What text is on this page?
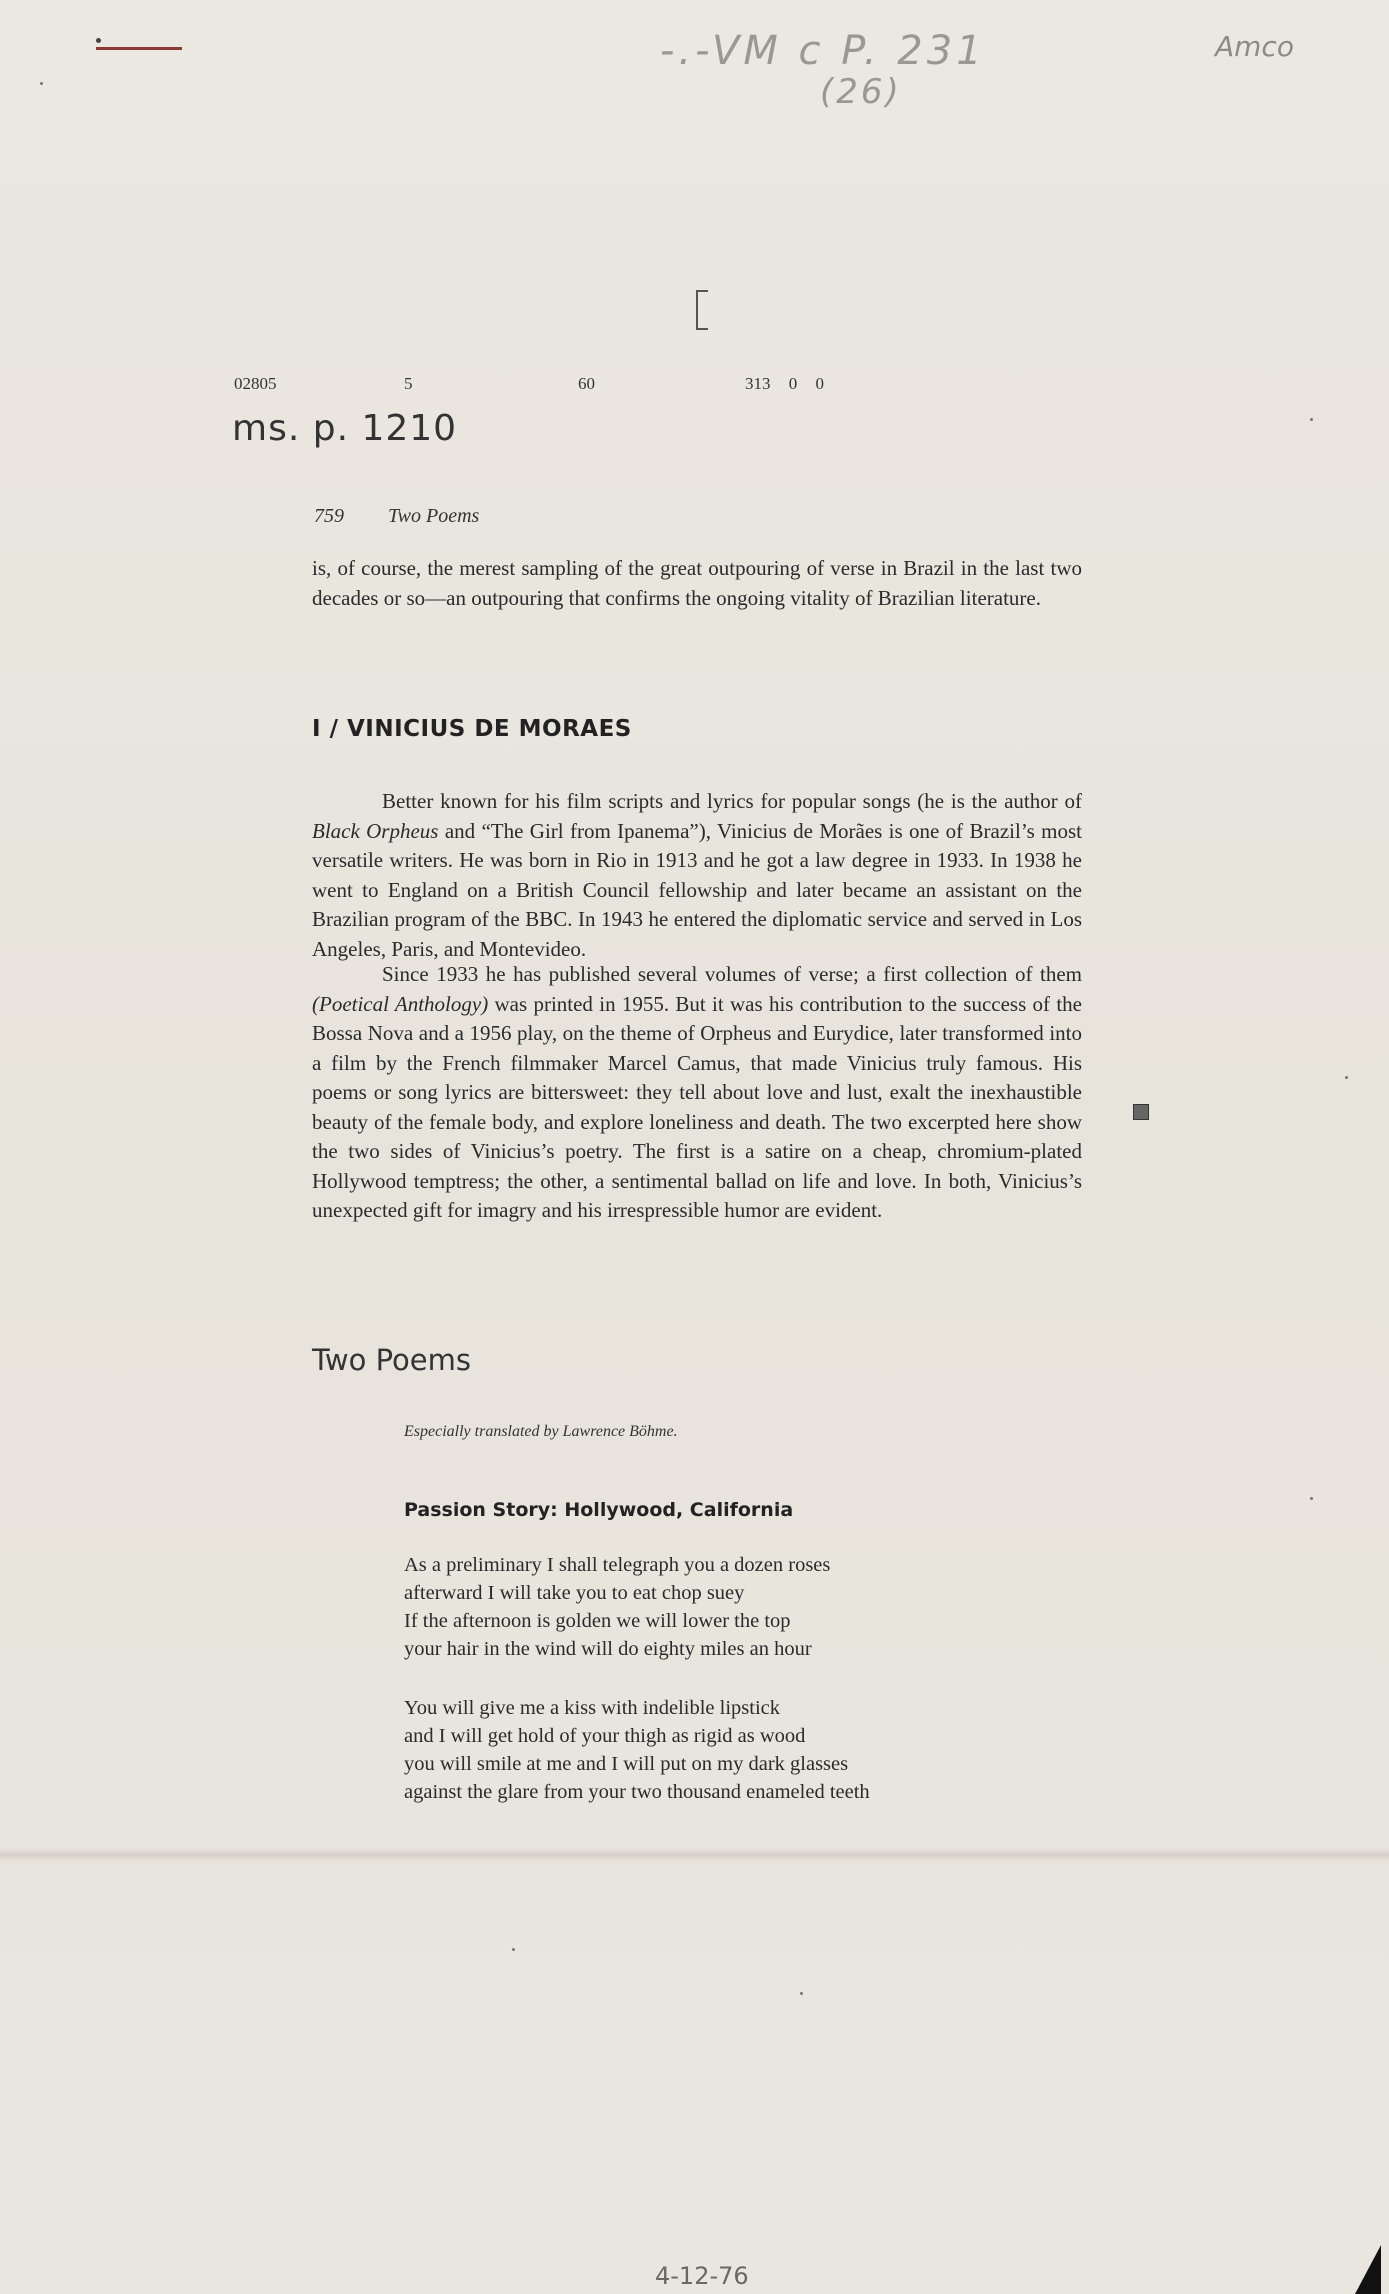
-.-VM c P. 231
(26)
Amco
02805	5	60	313 0 0
ms. p. 1210
759 Two Poems
is, of course, the merest sampling of the great outpouring of verse in Brazil in the last two decades or so—an outpouring that confirms the ongoing vitality of Brazilian literature.
I / VINICIUS DE MORAES
Better known for his film scripts and lyrics for popular songs (he is the author of Black Orpheus and “The Girl from Ipanema”), Vinicius de Morães is one of Brazil’s most versatile writers. He was born in Rio in 1913 and he got a law degree in 1933. In 1938 he went to England on a British Council fellowship and later became an assistant on the Brazilian program of the BBC. In 1943 he entered the diplomatic service and served in Los Angeles, Paris, and Montevideo.
Since 1933 he has published several volumes of verse; a first collection of them (Poetical Anthology) was printed in 1955. But it was his contribution to the success of the Bossa Nova and a 1956 play, on the theme of Orpheus and Eurydice, later transformed into a film by the French filmmaker Marcel Camus, that made Vinicius truly famous. His poems or song lyrics are bittersweet: they tell about love and lust, exalt the inexhaustible beauty of the female body, and explore loneliness and death. The two excerpted here show the two sides of Vinicius’s poetry. The first is a satire on a cheap, chromium-plated Hollywood temptress; the other, a sentimental ballad on life and love. In both, Vinicius’s unexpected gift for imagry and his irrespressible humor are evident.
Two Poems
Especially translated by Lawrence Böhme.
Passion Story: Hollywood, California
As a preliminary I shall telegraph you a dozen roses
afterward I will take you to eat chop suey
If the afternoon is golden we will lower the top
your hair in the wind will do eighty miles an hour
You will give me a kiss with indelible lipstick
and I will get hold of your thigh as rigid as wood
you will smile at me and I will put on my dark glasses
against the glare from your two thousand enameled teeth
4-12-76
